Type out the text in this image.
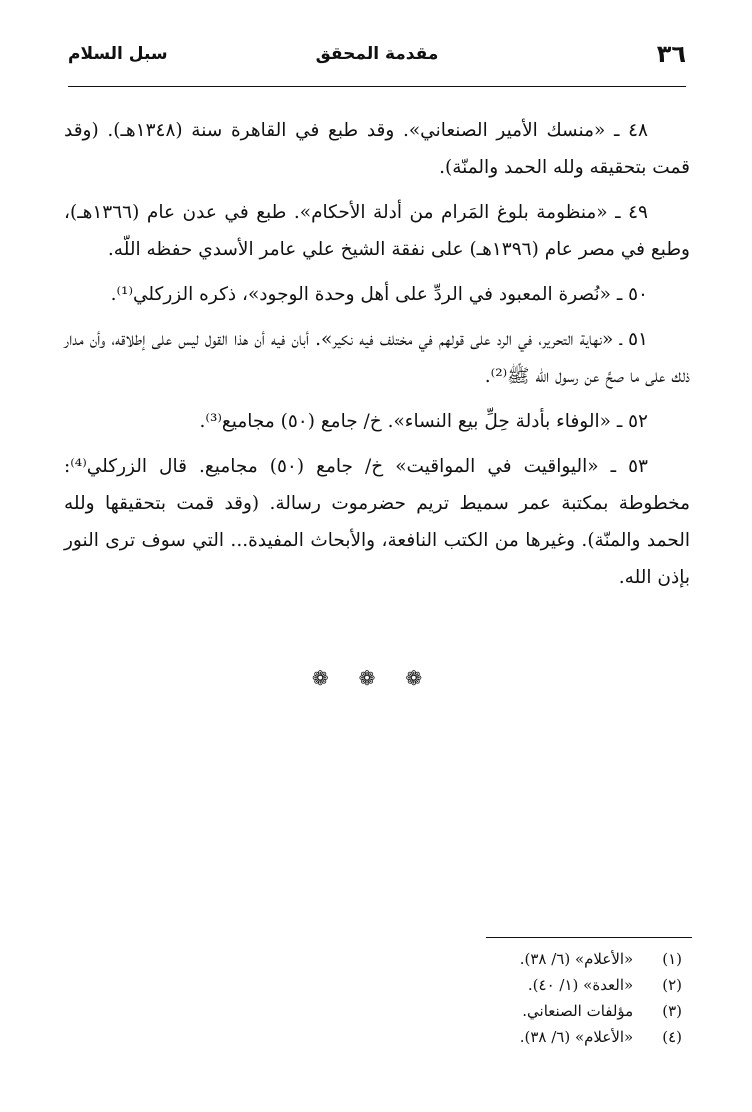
٣٦
مقدمة المحقق
سبل السلام

٤٨ ـ «منسك الأمير الصنعاني». وقد طبع في القاهرة سنة (١٣٤٨هـ). (وقد قمت بتحقيقه ولله الحمد والمنّة).

٤٩ ـ «منظومة بلوغ المَرام من أدلة الأحكام». طبع في عدن عام (١٣٦٦هـ)، وطبع في مصر عام (١٣٩٦هـ) على نفقة الشيخ علي عامر الأسدي حفظه اللّه.

٥٠ ـ «نُصرة المعبود في الردِّ على أهل وحدة الوجود»، ذكره الزركلي⁽¹⁾.

٥١ ـ «نهاية التحرير، في الرد على قولهم في مختلف فيه نكير». أبان فيه أن هذا القول ليس على إطلاقه، وأن مدار ذلك على ما صحَّ عن رسول اللّه ﷺ⁽²⁾.

٥٢ ـ «الوفاء بأدلة حِلِّ بيع النساء». خ/ جامع (٥٠) مجاميع⁽³⁾.

٥٣ ـ «اليواقيت في المواقيت» خ/ جامع (٥٠) مجاميع. قال الزركلي⁽⁴⁾: مخطوطة بمكتبة عمر سميط تريم حضرموت رسالة. (وقد قمت بتحقيقها ولله الحمد والمنّة). وغيرها من الكتب النافعة، والأبحاث المفيدة... التي سوف ترى النور بإذن الله.

❁ ❁ ❁
(١) «الأعلام» (٦/ ٣٨).
(٢) «العدة» (١/ ٤٠).
(٣) مؤلفات الصنعاني.
(٤) «الأعلام» (٦/ ٣٨).
